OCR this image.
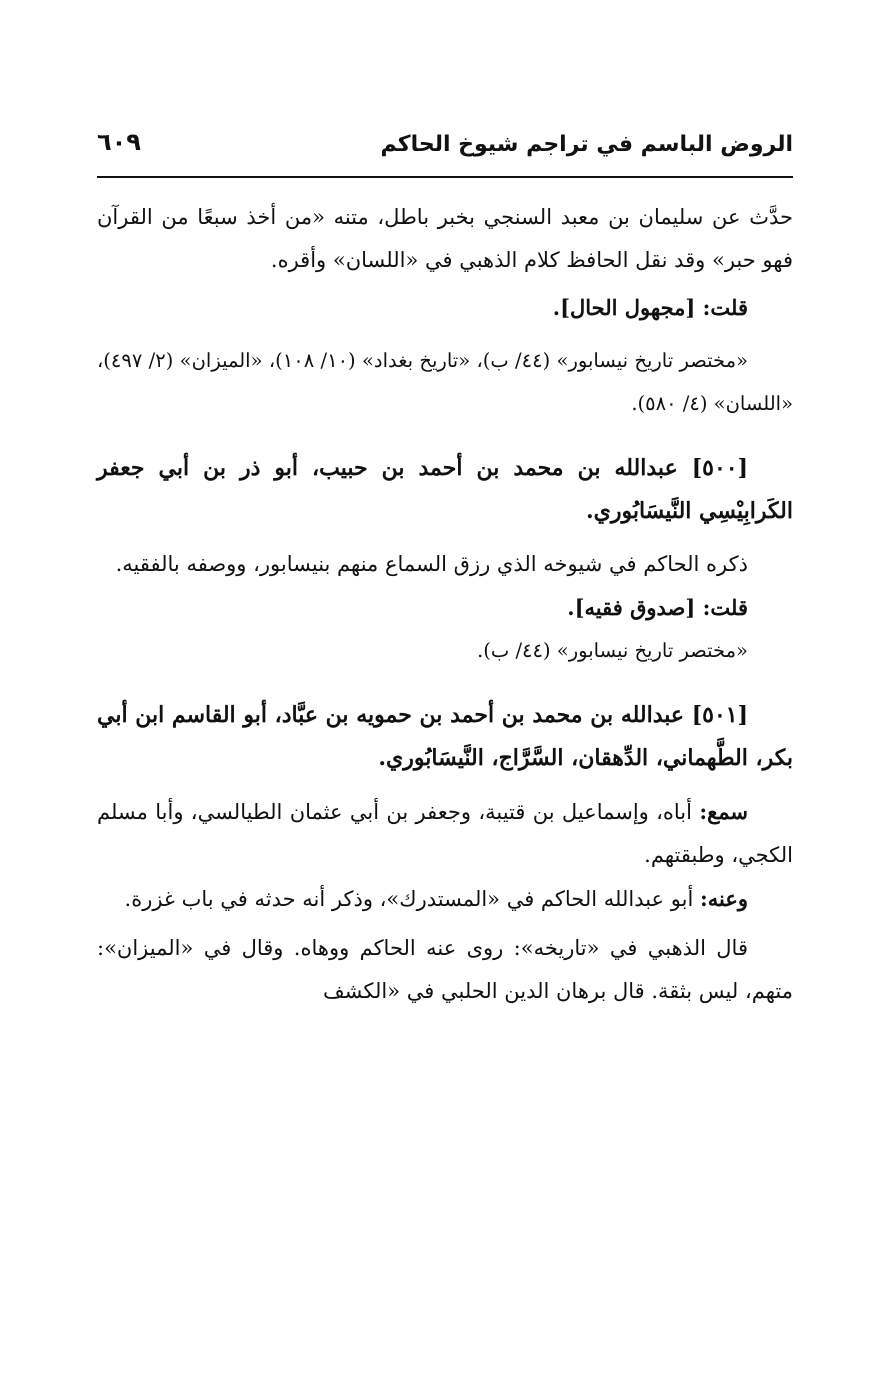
الروض الباسم في تراجم شيوخ الحاكم
٦٠٩

حدَّث عن سليمان بن معبد السنجي بخبر باطل، متنه «من أخذ سبعًا من القرآن فهو حبر» وقد نقل الحافظ كلام الذهبي في «اللسان» وأقره.

قلت: [مجهول الحال].

«مختصر تاريخ نيسابور» (٤٤/ ب)، «تاريخ بغداد» (١٠/ ١٠٨)، «الميزان» (٢/ ٤٩٧)، «اللسان» (٤/ ٥٨٠).

[٥٠٠] عبدالله بن محمد بن أحمد بن حبيب، أبو ذر بن أبي جعفر الكَرابِيْسِي النَّيسَابُوري.

ذكره الحاكم في شيوخه الذي رزق السماع منهم بنيسابور، ووصفه بالفقيه.

قلت: [صدوق فقيه].

«مختصر تاريخ نيسابور» (٤٤/ ب).

[٥٠١] عبدالله بن محمد بن أحمد بن حمويه بن عبَّاد، أبو القاسم ابن أبي بكر، الطَّهماني، الدِّهقان، السَّرَّاج، النَّيسَابُوري.

سمع: أباه، وإسماعيل بن قتيبة، وجعفر بن أبي عثمان الطيالسي، وأبا مسلم الكجي، وطبقتهم.

وعنه: أبو عبدالله الحاكم في «المستدرك»، وذكر أنه حدثه في باب غزرة.

قال الذهبي في «تاريخه»: روى عنه الحاكم ووهاه. وقال في «الميزان»: متهم، ليس بثقة. قال برهان الدين الحلبي في «الكشف
